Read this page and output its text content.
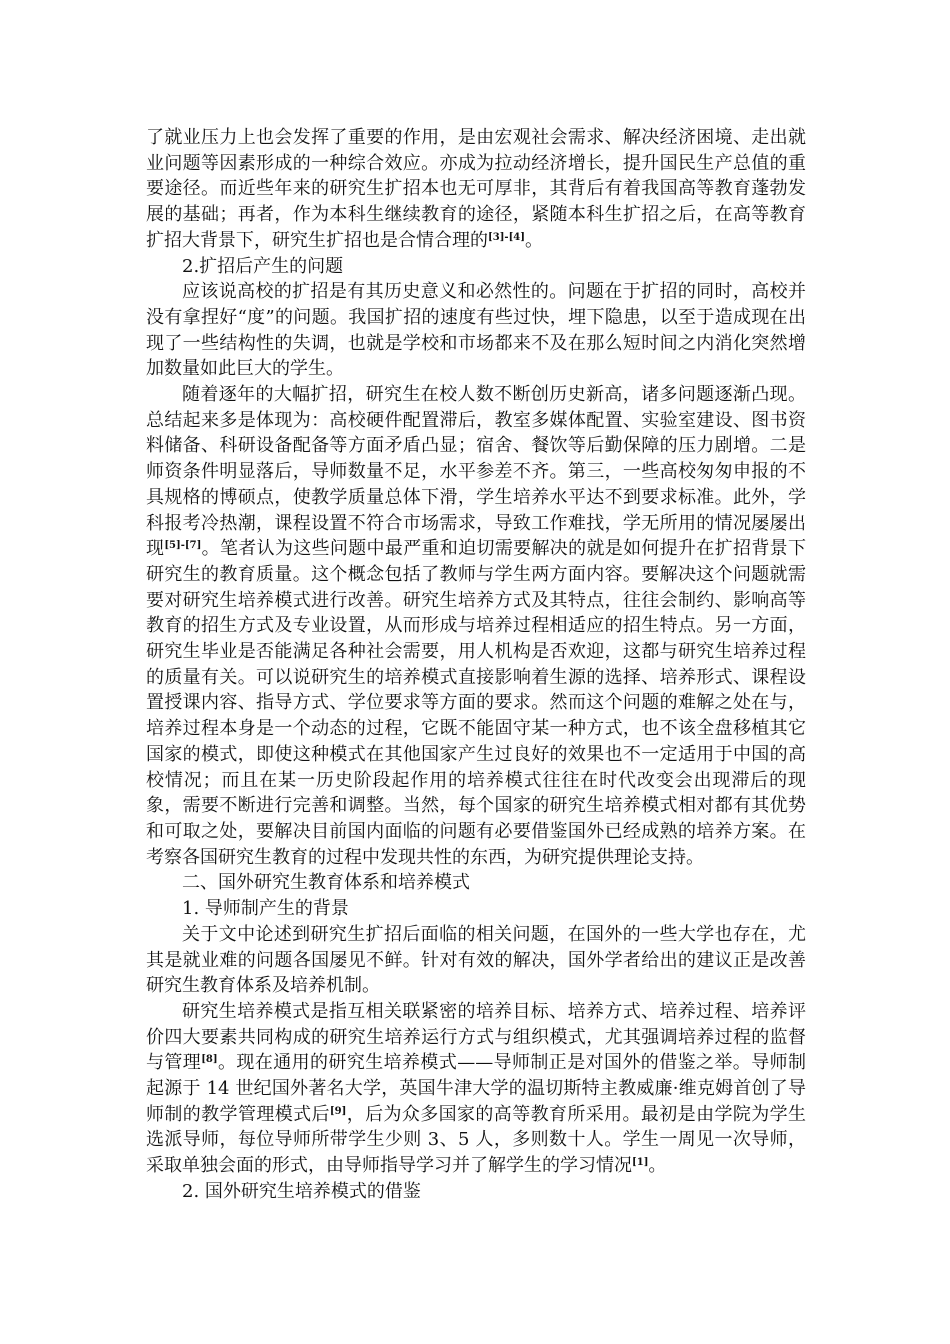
了就业压力上也会发挥了重要的作用，是由宏观社会需求、解决经济困境、走出就业问题等因素形成的一种综合效应。亦成为拉动经济增长，提升国民生产总值的重要途径。而近些年来的研究生扩招本也无可厚非，其背后有着我国高等教育蓬勃发展的基础；再者，作为本科生继续教育的途径，紧随本科生扩招之后，在高等教育扩招大背景下，研究生扩招也是合情合理的[3]-[4]。

2.扩招后产生的问题

应该说高校的扩招是有其历史意义和必然性的。问题在于扩招的同时，高校并没有拿捏好“度”的问题。我国扩招的速度有些过快，埋下隐患，以至于造成现在出现了一些结构性的失调，也就是学校和市场都来不及在那么短时间之内消化突然增加数量如此巨大的学生。

随着逐年的大幅扩招，研究生在校人数不断创历史新高，诸多问题逐渐凸现。总结起来多是体现为：高校硬件配置滞后，教室多媒体配置、实验室建设、图书资料储备、科研设备配备等方面矛盾凸显；宿舍、餐饮等后勤保障的压力剧增。二是师资条件明显落后，导师数量不足，水平参差不齐。第三，一些高校匆匆申报的不具规格的博硕点，使教学质量总体下滑，学生培养水平达不到要求标准。此外，学科报考冷热潮，课程设置不符合市场需求，导致工作难找，学无所用的情况屡屡出现[5]-[7]。笔者认为这些问题中最严重和迫切需要解决的就是如何提升在扩招背景下研究生的教育质量。这个概念包括了教师与学生两方面内容。要解决这个问题就需要对研究生培养模式进行改善。研究生培养方式及其特点，往往会制约、影响高等教育的招生方式及专业设置，从而形成与培养过程相适应的招生特点。另一方面，研究生毕业是否能满足各种社会需要，用人机构是否欢迎，这都与研究生培养过程的质量有关。可以说研究生的培养模式直接影响着生源的选择、培养形式、课程设置授课内容、指导方式、学位要求等方面的要求。然而这个问题的难解之处在与，培养过程本身是一个动态的过程，它既不能固守某一种方式，也不该全盘移植其它国家的模式，即使这种模式在其他国家产生过良好的效果也不一定适用于中国的高校情况；而且在某一历史阶段起作用的培养模式往往在时代改变会出现滞后的现象，需要不断进行完善和调整。当然，每个国家的研究生培养模式相对都有其优势和可取之处，要解决目前国内面临的问题有必要借鉴国外已经成熟的培养方案。在考察各国研究生教育的过程中发现共性的东西，为研究提供理论支持。

二、国外研究生教育体系和培养模式

1. 导师制产生的背景

关于文中论述到研究生扩招后面临的相关问题，在国外的一些大学也存在，尤其是就业难的问题各国屡见不鲜。针对有效的解决，国外学者给出的建议正是改善研究生教育体系及培养机制。

研究生培养模式是指互相关联紧密的培养目标、培养方式、培养过程、培养评价四大要素共同构成的研究生培养运行方式与组织模式，尤其强调培养过程的监督与管理[8]。现在通用的研究生培养模式——导师制正是对国外的借鉴之举。导师制起源于 14 世纪国外著名大学，英国牛津大学的温切斯特主教威廉·维克姆首创了导师制的教学管理模式后[9]，后为众多国家的高等教育所采用。最初是由学院为学生选派导师，每位导师所带学生少则 3、5 人，多则数十人。学生一周见一次导师，采取单独会面的形式，由导师指导学习并了解学生的学习情况[1]。

2. 国外研究生培养模式的借鉴
